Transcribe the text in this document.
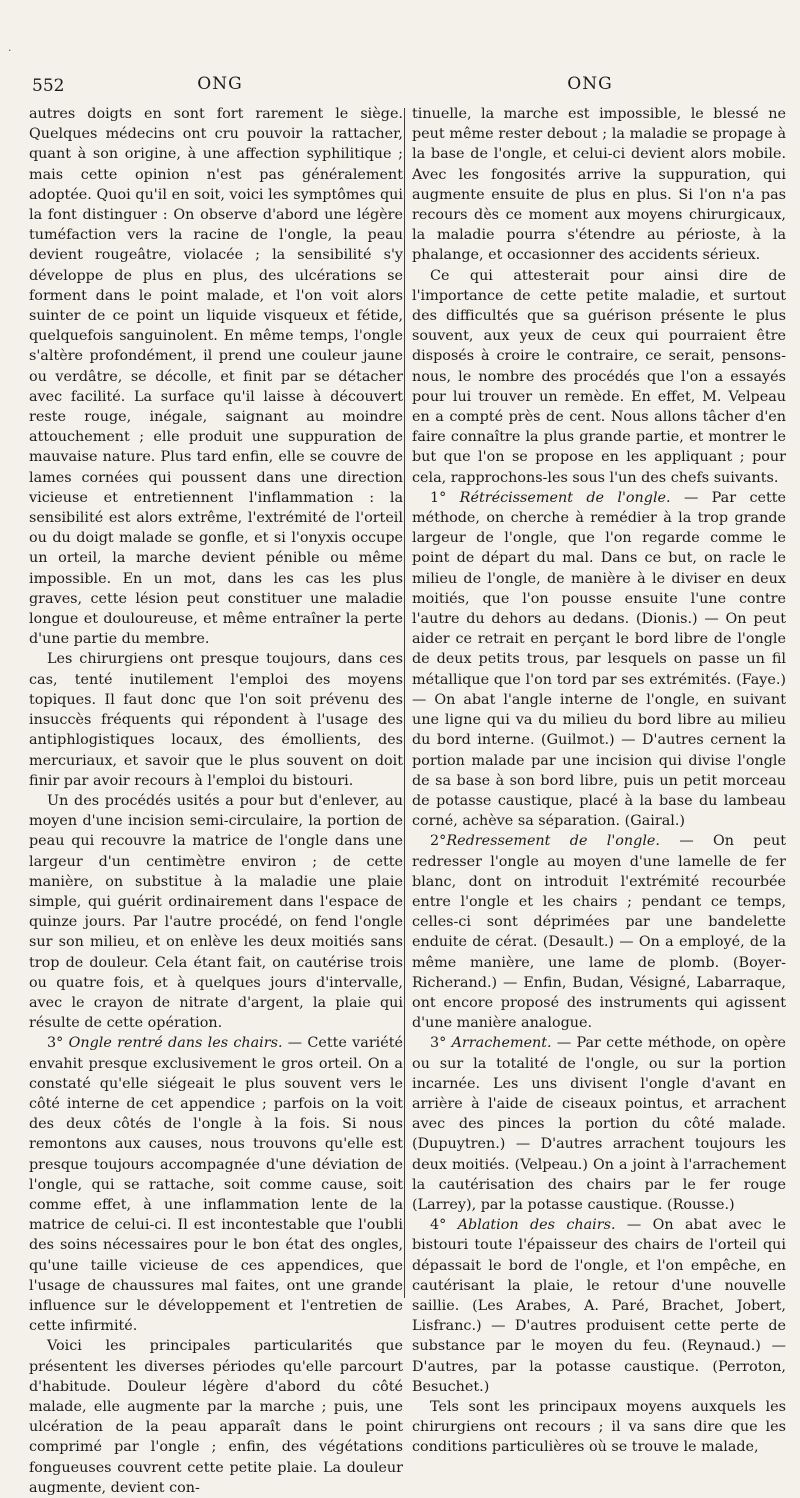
·
552	ONG	ONG

autres doigts en sont fort rarement le siège. Quelques médecins ont cru pouvoir la rattacher, quant à son origine, à une affection syphilitique ; mais cette opinion n'est pas généralement adoptée. Quoi qu'il en soit, voici les symptômes qui la font distinguer : On observe d'abord une légère tuméfaction vers la racine de l'ongle, la peau devient rougeâtre, violacée ; la sensibilité s'y développe de plus en plus, des ulcérations se forment dans le point malade, et l'on voit alors suinter de ce point un liquide visqueux et fétide, quelquefois sanguinolent. En même temps, l'ongle s'altère profondément, il prend une couleur jaune ou verdâtre, se décolle, et finit par se détacher avec facilité. La surface qu'il laisse à découvert reste rouge, inégale, saignant au moindre attouchement ; elle produit une suppuration de mauvaise nature. Plus tard enfin, elle se couvre de lames cornées qui poussent dans une direction vicieuse et entretiennent l'inflammation : la sensibilité est alors extrême, l'extrémité de l'orteil ou du doigt malade se gonfle, et si l'onyxis occupe un orteil, la marche devient pénible ou même impossible. En un mot, dans les cas les plus graves, cette lésion peut constituer une maladie longue et douloureuse, et même entraîner la perte d'une partie du membre.

Les chirurgiens ont presque toujours, dans ces cas, tenté inutilement l'emploi des moyens topiques. Il faut donc que l'on soit prévenu des insuccès fréquents qui répondent à l'usage des antiphlogistiques locaux, des émollients, des mercuriaux, et savoir que le plus souvent on doit finir par avoir recours à l'emploi du bistouri.

Un des procédés usités a pour but d'enlever, au moyen d'une incision semi-circulaire, la portion de peau qui recouvre la matrice de l'ongle dans une largeur d'un centimètre environ ; de cette manière, on substitue à la maladie une plaie simple, qui guérit ordinairement dans l'espace de quinze jours. Par l'autre procédé, on fend l'ongle sur son milieu, et on enlève les deux moitiés sans trop de douleur. Cela étant fait, on cautérise trois ou quatre fois, et à quelques jours d'intervalle, avec le crayon de nitrate d'argent, la plaie qui résulte de cette opération.

3° Ongle rentré dans les chairs. — Cette variété envahit presque exclusivement le gros orteil. On a constaté qu'elle siégeait le plus souvent vers le côté interne de cet appendice ; parfois on la voit des deux côtés de l'ongle à la fois. Si nous remontons aux causes, nous trouvons qu'elle est presque toujours accompagnée d'une déviation de l'ongle, qui se rattache, soit comme cause, soit comme effet, à une inflammation lente de la matrice de celui-ci. Il est incontestable que l'oubli des soins nécessaires pour le bon état des ongles, qu'une taille vicieuse de ces appendices, que l'usage de chaussures mal faites, ont une grande influence sur le développement et l'entretien de cette infirmité.

Voici les principales particularités que présentent les diverses périodes qu'elle parcourt d'habitude. Douleur légère d'abord du côté malade, elle augmente par la marche ; puis, une ulcération de la peau apparaît dans le point comprimé par l'ongle ; enfin, des végétations fongueuses couvrent cette petite plaie. La douleur augmente, devient con-

tinuelle, la marche est impossible, le blessé ne peut même rester debout ; la maladie se propage à la base de l'ongle, et celui-ci devient alors mobile. Avec les fongosités arrive la suppuration, qui augmente ensuite de plus en plus. Si l'on n'a pas recours dès ce moment aux moyens chirurgicaux, la maladie pourra s'étendre au périoste, à la phalange, et occasionner des accidents sérieux.

Ce qui attesterait pour ainsi dire de l'importance de cette petite maladie, et surtout des difficultés que sa guérison présente le plus souvent, aux yeux de ceux qui pourraient être disposés à croire le contraire, ce serait, pensons-nous, le nombre des procédés que l'on a essayés pour lui trouver un remède. En effet, M. Velpeau en a compté près de cent. Nous allons tâcher d'en faire connaître la plus grande partie, et montrer le but que l'on se propose en les appliquant ; pour cela, rapprochons-les sous l'un des chefs suivants.

1° Rétrécissement de l'ongle. — Par cette méthode, on cherche à remédier à la trop grande largeur de l'ongle, que l'on regarde comme le point de départ du mal. Dans ce but, on racle le milieu de l'ongle, de manière à le diviser en deux moitiés, que l'on pousse ensuite l'une contre l'autre du dehors au dedans. (Dionis.) — On peut aider ce retrait en perçant le bord libre de l'ongle de deux petits trous, par lesquels on passe un fil métallique que l'on tord par ses extrémités. (Faye.) — On abat l'angle interne de l'ongle, en suivant une ligne qui va du milieu du bord libre au milieu du bord interne. (Guilmot.) — D'autres cernent la portion malade par une incision qui divise l'ongle de sa base à son bord libre, puis un petit morceau de potasse caustique, placé à la base du lambeau corné, achève sa séparation. (Gairal.)

2°Redressement de l'ongle. — On peut redresser l'ongle au moyen d'une lamelle de fer blanc, dont on introduit l'extrémité recourbée entre l'ongle et les chairs ; pendant ce temps, celles-ci sont déprimées par une bandelette enduite de cérat. (Desault.) — On a employé, de la même manière, une lame de plomb. (Boyer-Richerand.) — Enfin, Budan, Vésigné, Labarraque, ont encore proposé des instruments qui agissent d'une manière analogue.

3° Arrachement. — Par cette méthode, on opère ou sur la totalité de l'ongle, ou sur la portion incarnée. Les uns divisent l'ongle d'avant en arrière à l'aide de ciseaux pointus, et arrachent avec des pinces la portion du côté malade. (Dupuytren.) — D'autres arrachent toujours les deux moitiés. (Velpeau.) On a joint à l'arrachement la cautérisation des chairs par le fer rouge (Larrey), par la potasse caustique. (Rousse.)

4° Ablation des chairs. — On abat avec le bistouri toute l'épaisseur des chairs de l'orteil qui dépassait le bord de l'ongle, et l'on empêche, en cautérisant la plaie, le retour d'une nouvelle saillie. (Les Arabes, A. Paré, Brachet, Jobert, Lisfranc.) — D'autres produisent cette perte de substance par le moyen du feu. (Reynaud.) — D'autres, par la potasse caustique. (Perroton, Besuchet.)

Tels sont les principaux moyens auxquels les chirurgiens ont recours ; il va sans dire que les conditions particulières où se trouve le malade,
